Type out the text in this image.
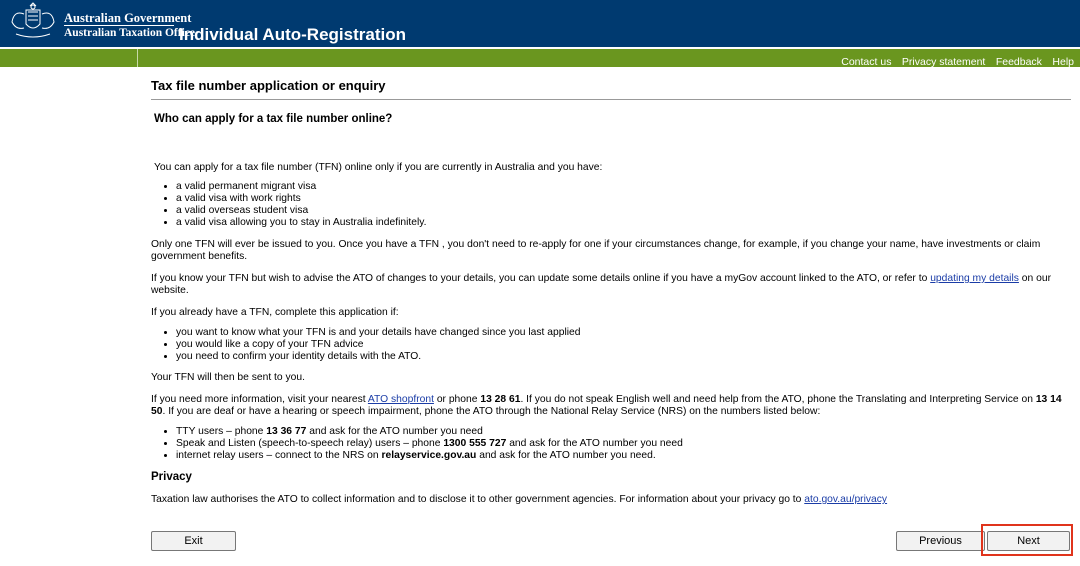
Australian Government
Australian Taxation Office
Individual Auto-Registration
Contact us Privacy statement Feedback Help
Tax file number application or enquiry
Who can apply for a tax file number online?

You can apply for a tax file number (TFN) online only if you are currently in Australia and you have:

• a valid permanent migrant visa
• a valid visa with work rights
• a valid overseas student visa
• a valid visa allowing you to stay in Australia indefinitely.

Only one TFN will ever be issued to you. Once you have a TFN , you don't need to re-apply for one if your circumstances change, for example, if you change your name, have investments or claim government benefits.

If you know your TFN but wish to advise the ATO of changes to your details, you can update some details online if you have a myGov account linked to the ATO, or refer to updating my details on our website.

If you already have a TFN, complete this application if:

• you want to know what your TFN is and your details have changed since you last applied
• you would like a copy of your TFN advice
• you need to confirm your identity details with the ATO.

Your TFN will then be sent to you.

If you need more information, visit your nearest ATO shopfront or phone 13 28 61. If you do not speak English well and need help from the ATO, phone the Translating and Interpreting Service on 13 14 50. If you are deaf or have a hearing or speech impairment, phone the ATO through the National Relay Service (NRS) on the numbers listed below:

• TTY users – phone 13 36 77 and ask for the ATO number you need
• Speak and Listen (speech-to-speech relay) users – phone 1300 555 727 and ask for the ATO number you need
• internet relay users – connect to the NRS on relayservice.gov.au and ask for the ATO number you need.
Privacy

Taxation law authorises the ATO to collect information and to disclose it to other government agencies. For information about your privacy go to ato.gov.au/privacy

Exit	Previous	Next
